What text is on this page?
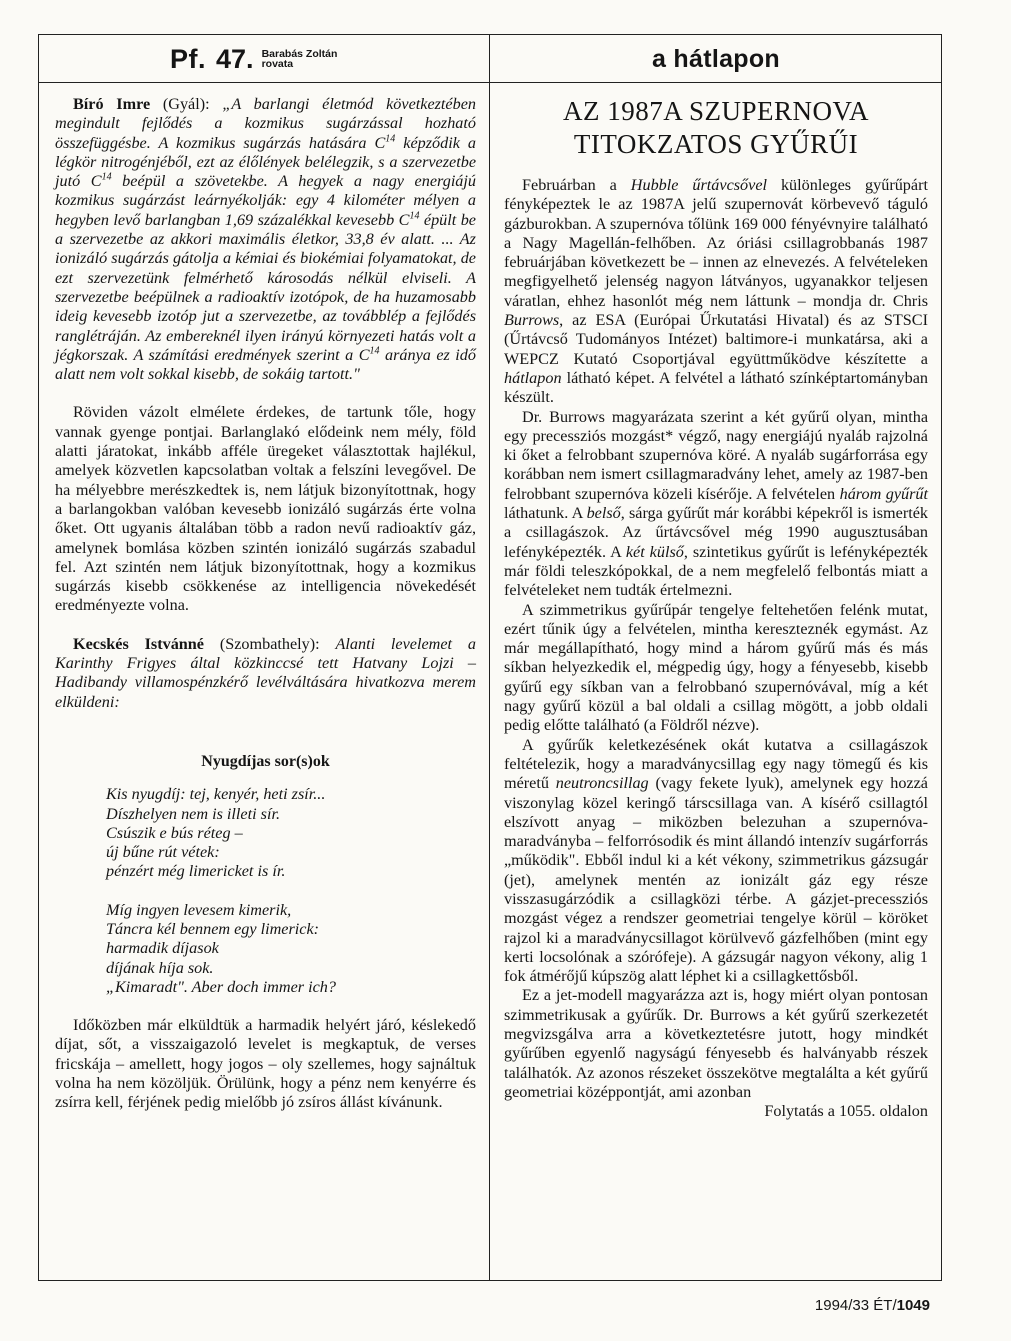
Pf. 47. Barabás Zoltán
rovata	a hátlapon

Bíró Imre (Gyál): „A barlangi életmód következtében megindult fejlődés a kozmikus sugárzással hozható összefüggésbe. A kozmikus sugárzás hatására $C^{14}$ képződik a légkör nitrogénjéből, ezt az élőlények belélegzik, s a szervezetbe jutó $C^{14}$ beépül a szövetekbe. A hegyek a nagy energiájú kozmikus sugárzást leárnyékolják: egy 4 kilométer mélyen a hegyben levő barlangban 1,69 százalékkal kevesebb $C^{14}$ épült be a szervezetbe az akkori maximális életkor, 33,8 év alatt. ... Az ionizáló sugárzás gátolja a kémiai és biokémiai folyamatokat, de ezt szervezetünk felmérhető károsodás nélkül elviseli. A szervezetbe beépülnek a radioaktív izotópok, de ha huzamosabb ideig kevesebb izotóp jut a szervezetbe, az továbblép a fejlődés ranglétráján. Az embereknél ilyen irányú környezeti hatás volt a jégkorszak. A számítási eredmények szerint a $C^{14}$ aránya ez idő alatt nem volt sokkal kisebb, de sokáig tartott."

Röviden vázolt elmélete érdekes, de tartunk tőle, hogy vannak gyenge pontjai. Barlanglakó elődeink nem mély, föld alatti járatokat, inkább afféle üregeket választottak hajlékul, amelyek közvetlen kapcsolatban voltak a felszíni levegővel. De ha mélyebbre merészkedtek is, nem látjuk bizonyítottnak, hogy a barlangokban valóban kevesebb ionizáló sugárzás érte volna őket. Ott ugyanis általában több a radon nevű radioaktív gáz, amelynek bomlása közben szintén ionizáló sugárzás szabadul fel. Azt szintén nem látjuk bizonyítottnak, hogy a kozmikus sugárzás kisebb csökkenése az intelligencia növekedését eredményezte volna.

Kecskés Istvánné (Szombathely): Alanti levelemet a Karinthy Frigyes által közkinccsé tett Hatvany Lojzi – Hadibandy villamospénzkérő levélváltására hivatkozva merem elküldeni:

Nyugdíjas sor(s)ok

Kis nyugdíj: tej, kenyér, heti zsír...
Díszhelyen nem is illeti sír.
Csúszik e bús réteg –
új bűne rút vétek:
pénzért még limericket is ír.
Míg ingyen levesem kimerik,
Táncra kél bennem egy limerick:
harmadik díjasok
díjának híja sok.
„Kimaradt". Aber doch immer ich?

Időközben már elküldtük a harmadik helyért járó, késlekedő díjat, sőt, a visszaigazoló levelet is megkaptuk, de verses fricskája – amellett, hogy jogos – oly szellemes, hogy sajnáltuk volna ha nem közöljük. Örülünk, hogy a pénz nem kenyérre és zsírra kell, férjének pedig mielőbb jó zsíros állást kívánunk.

AZ 1987A SZUPERNOVA
TITOKZATOS GYŰRŰI

Februárban a Hubble űrtávcsővel különleges gyűrűpárt fényképeztek le az 1987A jelű szupernovát körbevevő táguló gázburokban. A szupernóva tőlünk 169 000 fényévnyire található a Nagy Magellán-felhőben. Az óriási csillagrobbanás 1987 februárjában következett be – innen az elnevezés. A felvételeken megfigyelhető jelenség nagyon látványos, ugyanakkor teljesen váratlan, ehhez hasonlót még nem láttunk – mondja dr. Chris Burrows, az ESA (Európai Űrkutatási Hivatal) és az STSCI (Űrtávcső Tudományos Intézet) baltimore-i munkatársa, aki a WEPCZ Kutató Csoportjával együttműködve készítette a hátlapon látható képet. A felvétel a látható színképtartományban készült.

Dr. Burrows magyarázata szerint a két gyűrű olyan, mintha egy precessziós mozgást* végző, nagy energiájú nyaláb rajzolná ki őket a felrobbant szupernóva köré. A nyaláb sugárforrása egy korábban nem ismert csillagmaradvány lehet, amely az 1987-ben felrobbant szupernóva közeli kísérője. A felvételen három gyűrűt láthatunk. A belső, sárga gyűrűt már korábbi képekről is ismerték a csillagászok. Az űrtávcsővel még 1990 augusztusában lefényképezték. A két külső, szintetikus gyűrűt is lefényképezték már földi teleszkópokkal, de a nem megfelelő felbontás miatt a felvételeket nem tudták értelmezni.

A szimmetrikus gyűrűpár tengelye feltehetően felénk mutat, ezért tűnik úgy a felvételen, mintha kereszteznék egymást. Az már megállapítható, hogy mind a három gyűrű más és más síkban helyezkedik el, mégpedig úgy, hogy a fényesebb, kisebb gyűrű egy síkban van a felrobbanó szupernóvával, míg a két nagy gyűrű közül a bal oldali a csillag mögött, a jobb oldali pedig előtte található (a Földről nézve).

A gyűrűk keletkezésének okát kutatva a csillagászok feltételezik, hogy a maradványcsillag egy nagy tömegű és kis méretű neutroncsillag (vagy fekete lyuk), amelynek egy hozzá viszonylag közel keringő társcsillaga van. A kísérő csillagtól elszívott anyag – miközben belezuhan a szupernóva-maradványba – felforrósodik és mint állandó intenzív sugárforrás „működik". Ebből indul ki a két vékony, szimmetrikus gázsugár (jet), amelynek mentén az ionizált gáz egy része visszasugárzódik a csillagközi térbe. A gázjet-precessziós mozgást végez a rendszer geometriai tengelye körül – köröket rajzol ki a maradványcsillagot körülvevő gázfelhőben (mint egy kerti locsolónak a szórófeje). A gázsugár nagyon vékony, alig 1 fok átmérőjű kúpszög alatt léphet ki a csillagkettősből.

Ez a jet-modell magyarázza azt is, hogy miért olyan pontosan szimmetrikusak a gyűrűk. Dr. Burrows a két gyűrű szerkezetét megvizsgálva arra a következtetésre jutott, hogy mindkét gyűrűben egyenlő nagyságú fényesebb és halványabb részek találhatók. Az azonos részeket összekötve megtalálta a két gyűrű geometriai középpontját, ami azonban

Folytatás a 1055. oldalon

1994/33 ÉT/1049
